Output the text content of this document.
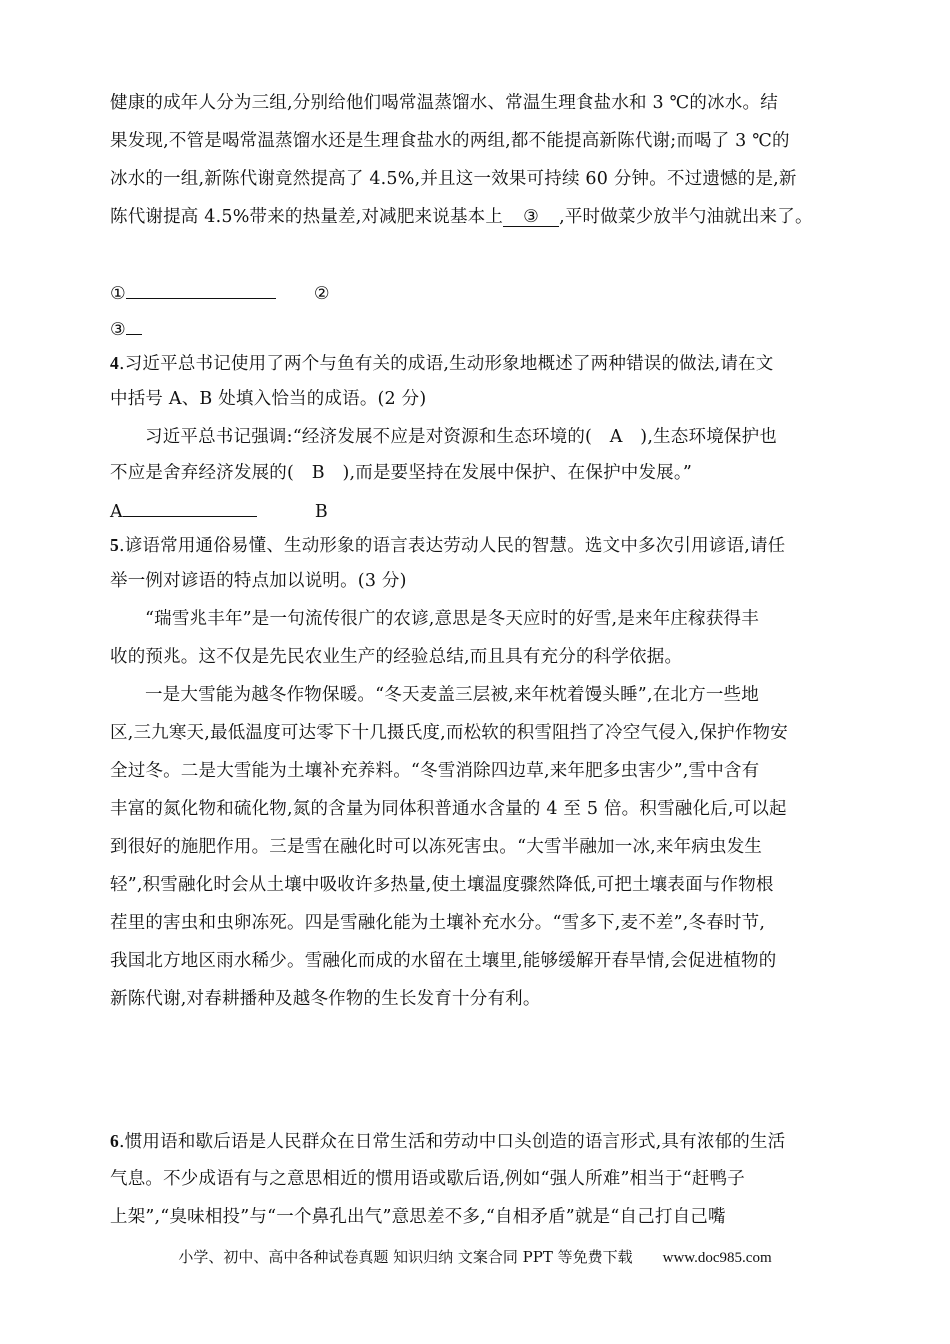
健康的成年人分为三组,分别给他们喝常温蒸馏水、常温生理食盐水和 3 ℃的冰水。结
果发现,不管是喝常温蒸馏水还是生理食盐水的两组,都不能提高新陈代谢;而喝了 3 ℃的
冰水的一组,新陈代谢竟然提高了 4.5%,并且这一效果可持续 60 分钟。不过遗憾的是,新
陈代谢提高 4.5%带来的热量差,对减肥来说基本上 ③ ,平时做菜少放半勺油就出来了。
①	②
③
4.习近平总书记使用了两个与鱼有关的成语,生动形象地概述了两种错误的做法,请在文
中括号 A、B 处填入恰当的成语。(2 分)
习近平总书记强调:“经济发展不应是对资源和生态环境的(　A　),生态环境保护也
不应是舍弃经济发展的(　B　),而是要坚持在发展中保护、在保护中发展。”
A	B
5.谚语常用通俗易懂、生动形象的语言表达劳动人民的智慧。选文中多次引用谚语,请任
举一例对谚语的特点加以说明。(3 分)
“瑞雪兆丰年”是一句流传很广的农谚,意思是冬天应时的好雪,是来年庄稼获得丰
收的预兆。这不仅是先民农业生产的经验总结,而且具有充分的科学依据。
一是大雪能为越冬作物保暖。“冬天麦盖三层被,来年枕着馒头睡”,在北方一些地
区,三九寒天,最低温度可达零下十几摄氏度,而松软的积雪阻挡了冷空气侵入,保护作物安
全过冬。二是大雪能为土壤补充养料。“冬雪消除四边草,来年肥多虫害少”,雪中含有
丰富的氮化物和硫化物,氮的含量为同体积普通水含量的 4 至 5 倍。积雪融化后,可以起
到很好的施肥作用。三是雪在融化时可以冻死害虫。“大雪半融加一冰,来年病虫发生
轻”,积雪融化时会从土壤中吸收许多热量,使土壤温度骤然降低,可把土壤表面与作物根
茬里的害虫和虫卵冻死。四是雪融化能为土壤补充水分。“雪多下,麦不差”,冬春时节,
我国北方地区雨水稀少。雪融化而成的水留在土壤里,能够缓解开春旱情,会促进植物的
新陈代谢,对春耕播种及越冬作物的生长发育十分有利。
6.惯用语和歇后语是人民群众在日常生活和劳动中口头创造的语言形式,具有浓郁的生活
气息。不少成语有与之意思相近的惯用语或歇后语,例如“强人所难”相当于“赶鸭子
上架”,“臭味相投”与“一个鼻孔出气”意思差不多,“自相矛盾”就是“自己打自己嘴
小学、初中、高中各种试卷真题 知识归纳 文案合同 PPT 等免费下载 www.doc985.com
